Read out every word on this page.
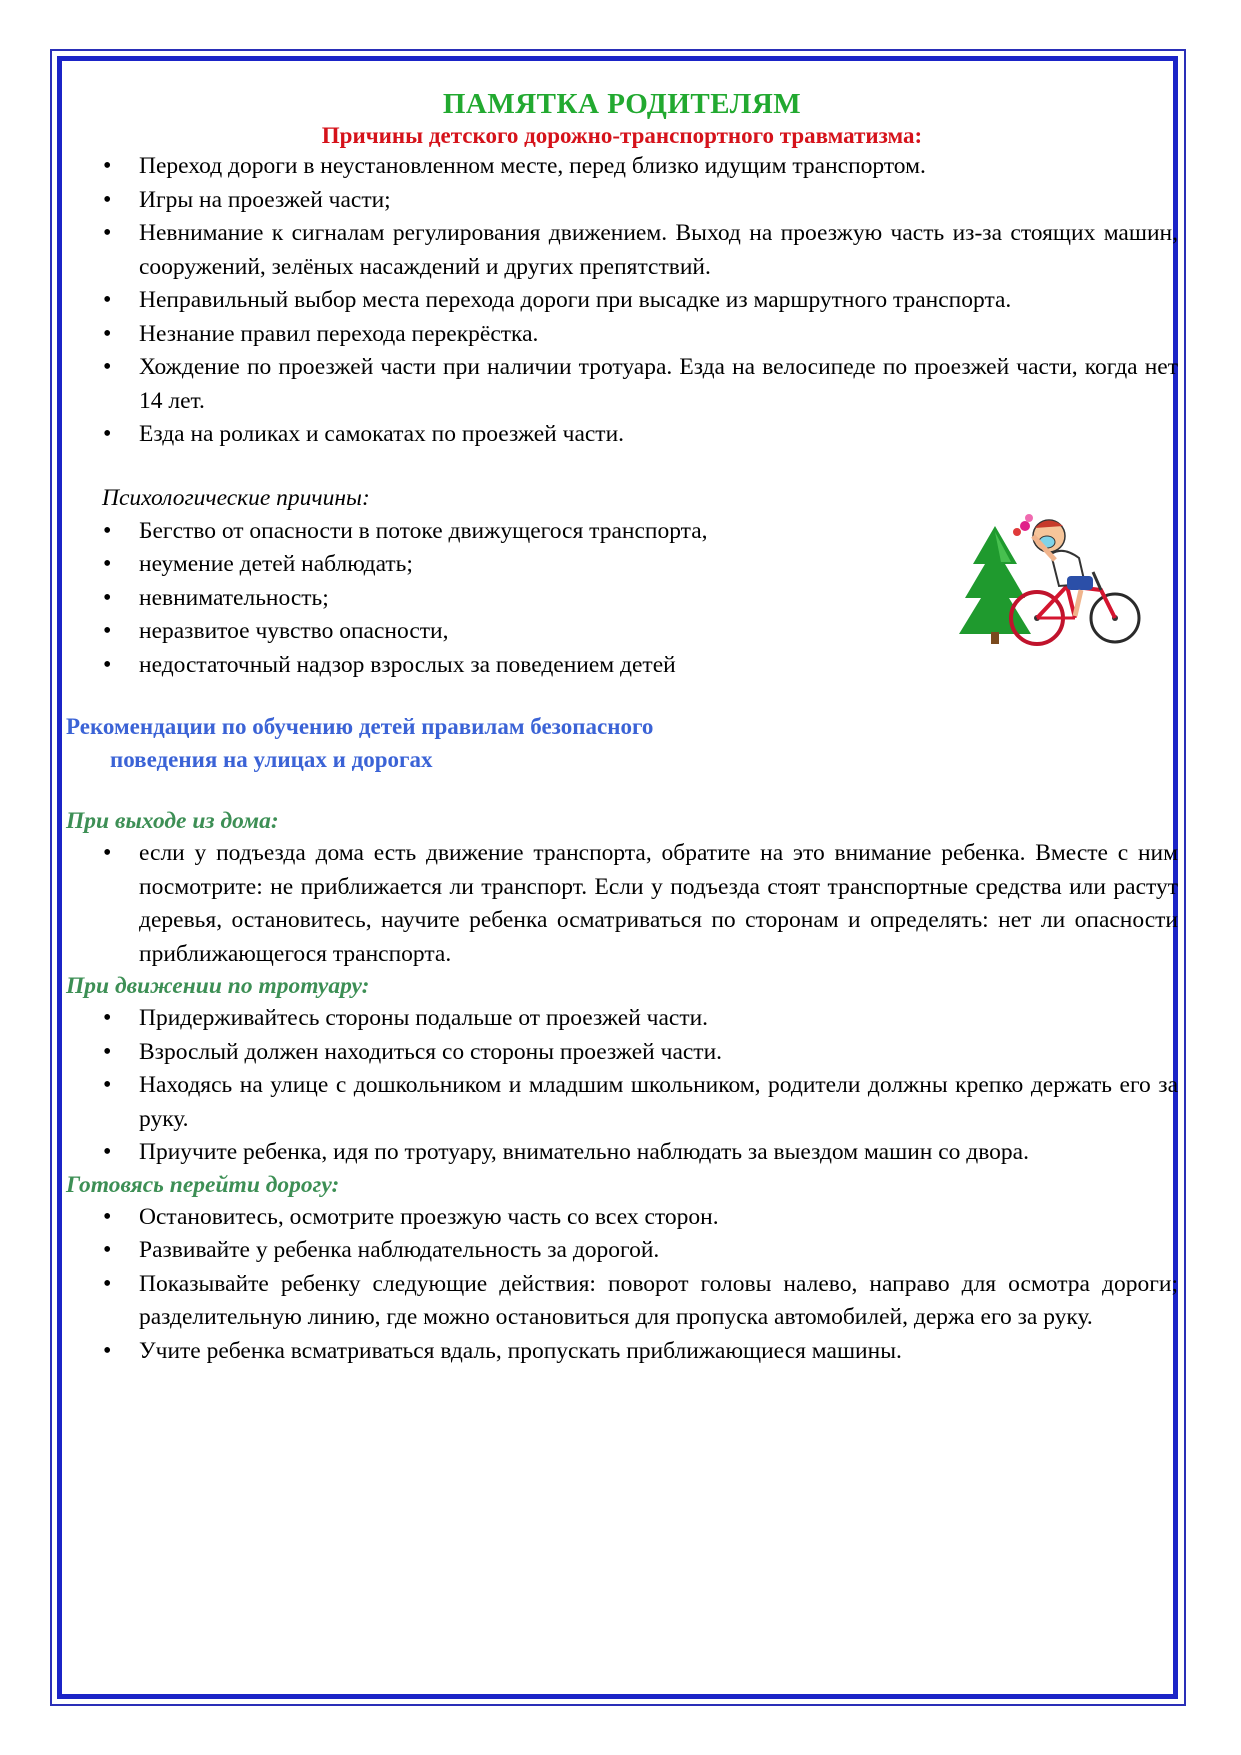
ПАМЯТКА РОДИТЕЛЯМ

Причины детского дорожно-транспортного травматизма:

• Переход дороги в неустановленном месте, перед близко идущим транспортом.
• Игры на проезжей части;
• Невнимание к сигналам регулирования движением. Выход на проезжую часть из-за стоящих машин, сооружений, зелёных насаждений и других препятствий.
• Неправильный выбор места перехода дороги при высадке из маршрутного транспорта.
• Незнание правил перехода перекрёстка.
• Хождение по проезжей части при наличии тротуара. Езда на велосипеде по проезжей части, когда нет 14 лет.
• Езда на роликах и самокатах по проезжей части.
Психологические причины:
• Бегство от опасности в потоке движущегося транспорта,
• неумение детей наблюдать;
• невнимательность;
• неразвитое чувство опасности,
• недостаточный надзор взрослых за поведением детей
Рекомендации по обучению детей правилам безопасного
поведения на улицах и дорогах
При выходе из дома:
• если у подъезда дома есть движение транспорта, обратите на это внимание ребенка. Вместе с ним посмотрите: не приближается ли транспорт. Если у подъезда стоят транспортные средства или растут деревья, остановитесь, научите ребенка осматриваться по сторонам и определять: нет ли опасности приближающегося транспорта.
При движении по тротуару:
• Придерживайтесь стороны подальше от проезжей части.
• Взрослый должен находиться со стороны проезжей части.
• Находясь на улице с дошкольником и младшим школьником, родители должны крепко держать его за руку.
• Приучите ребенка, идя по тротуару, внимательно наблюдать за выездом машин со двора.
Готовясь перейти дорогу:
• Остановитесь, осмотрите проезжую часть со всех сторон.
• Развивайте у ребенка наблюдательность за дорогой.
• Показывайте ребенку следующие действия: поворот головы налево, направо для осмотра дороги; разделительную линию, где можно остановиться для пропуска автомобилей, держа его за руку.
• Учите ребенка всматриваться вдаль, пропускать приближающиеся машины.
